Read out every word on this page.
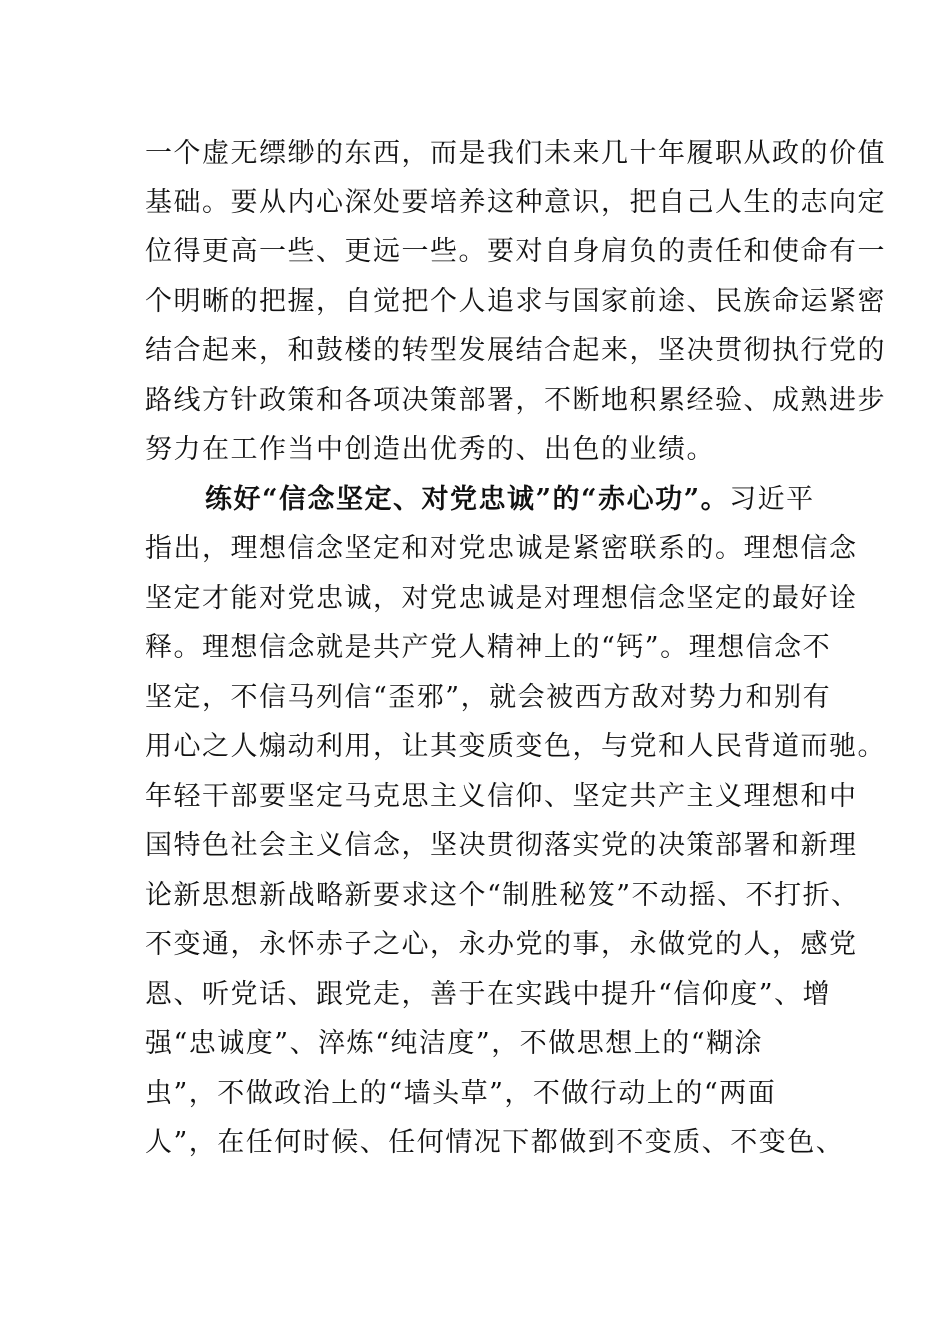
一个虚无缥缈的东西，而是我们未来几十年履职从政的价值
基础。要从内心深处要培养这种意识，把自己人生的志向定
位得更高一些、更远一些。要对自身肩负的责任和使命有一
个明晰的把握，自觉把个人追求与国家前途、民族命运紧密
结合起来，和鼓楼的转型发展结合起来，坚决贯彻执行党的
路线方针政策和各项决策部署，不断地积累经验、成熟进步
努力在工作当中创造出优秀的、出色的业绩。
练好“信念坚定、对党忠诚”的“赤心功”。习近平
指出，理想信念坚定和对党忠诚是紧密联系的。理想信念
坚定才能对党忠诚，对党忠诚是对理想信念坚定的最好诠
释。理想信念就是共产党人精神上的“钙”。理想信念不
坚定，不信马列信“歪邪”，就会被西方敌对势力和别有
用心之人煽动利用，让其变质变色，与党和人民背道而驰。
年轻干部要坚定马克思主义信仰、坚定共产主义理想和中
国特色社会主义信念，坚决贯彻落实党的决策部署和新理
论新思想新战略新要求这个“制胜秘笈”不动摇、不打折、
不变通，永怀赤子之心，永办党的事，永做党的人，感党
恩、听党话、跟党走，善于在实践中提升“信仰度”、增
强“忠诚度”、淬炼“纯洁度”，不做思想上的“糊涂
虫”，不做政治上的“墙头草”，不做行动上的“两面
人”，在任何时候、任何情况下都做到不变质、不变色、
